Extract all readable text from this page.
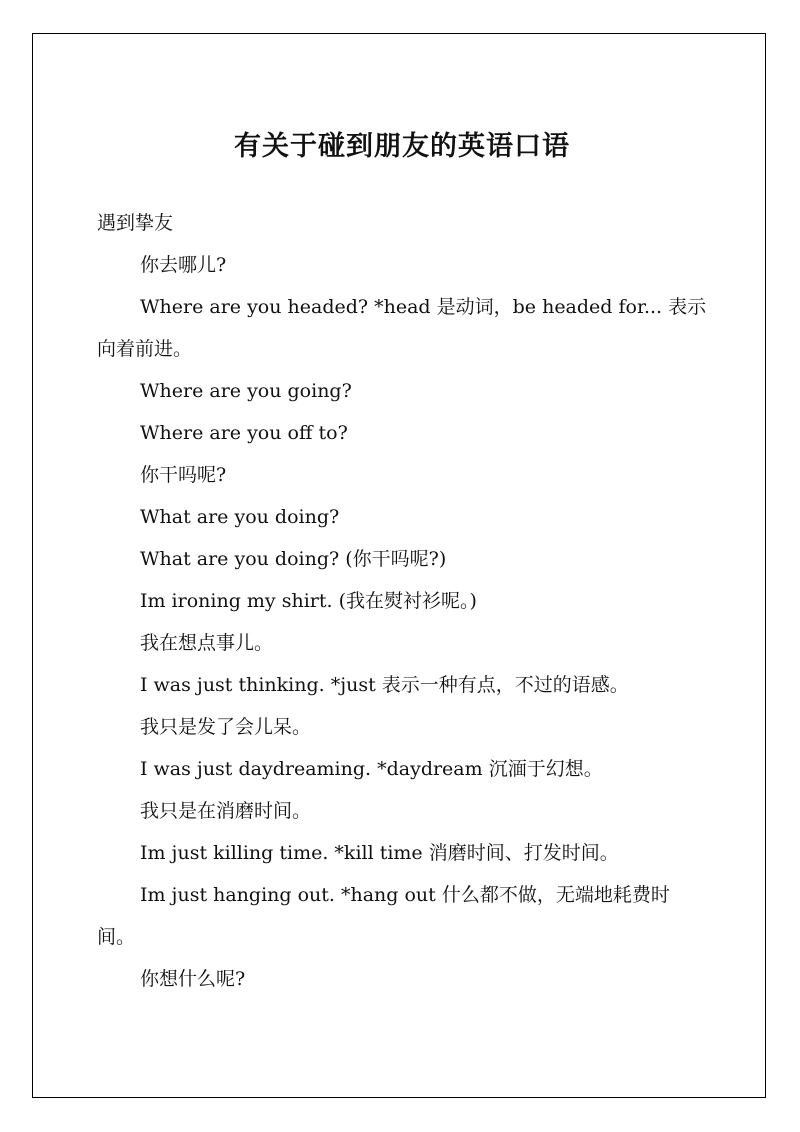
有关于碰到朋友的英语口语

遇到挚友

你去哪儿?

Where are you headed? *head 是动词，be headed for... 表示向着前进。

Where are you going?

Where are you off to?

你干吗呢?

What are you doing?

What are you doing? (你干吗呢?)

Im ironing my shirt. (我在熨衬衫呢。)

我在想点事儿。

I was just thinking. *just 表示一种有点，不过的语感。

我只是发了会儿呆。

I was just daydreaming. *daydream 沉湎于幻想。

我只是在消磨时间。

Im just killing time. *kill time 消磨时间、打发时间。

Im just hanging out. *hang out 什么都不做，无端地耗费时间。

你想什么呢?
